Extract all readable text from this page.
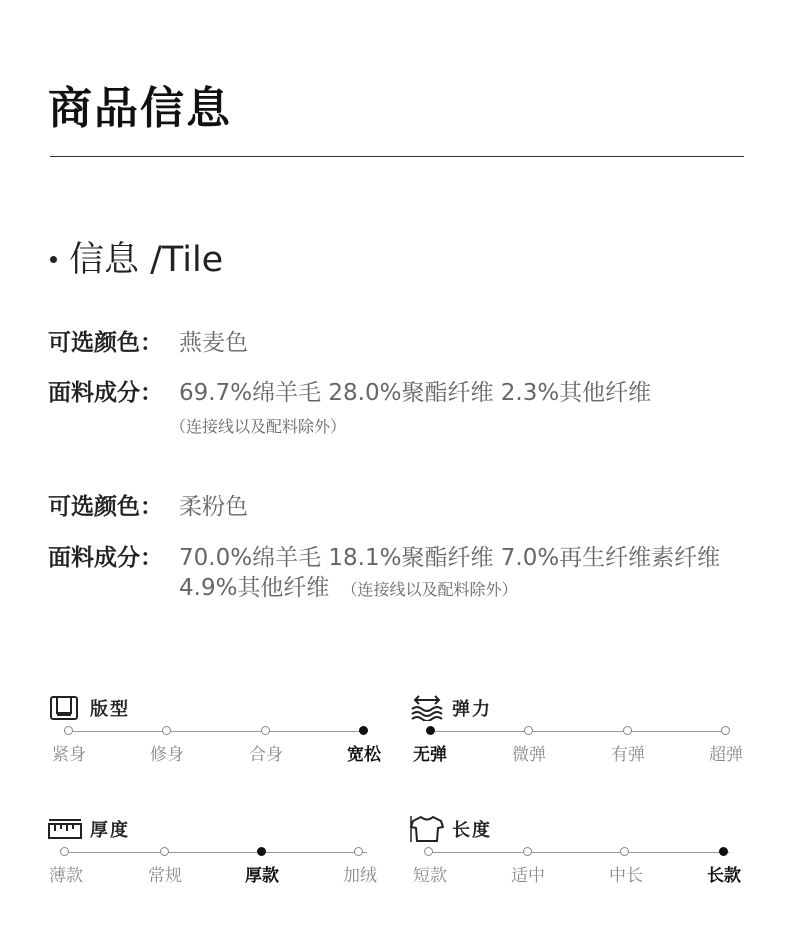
商品信息
信息 /Tile
可选颜色： 燕麦色
面料成分： 69.7%绵羊毛 28.0%聚酯纤维 2.3%其他纤维
（连接线以及配料除外）
可选颜色： 柔粉色
面料成分： 70.0%绵羊毛 18.1%聚酯纤维 7.0%再生纤维素纤维
4.9%其他纤维 （连接线以及配料除外）
版型
紧身	修身	合身	宽松
弹力
无弹	微弹	有弹	超弹
厚度
薄款	常规	厚款	加绒
长度
短款	适中	中长	长款
